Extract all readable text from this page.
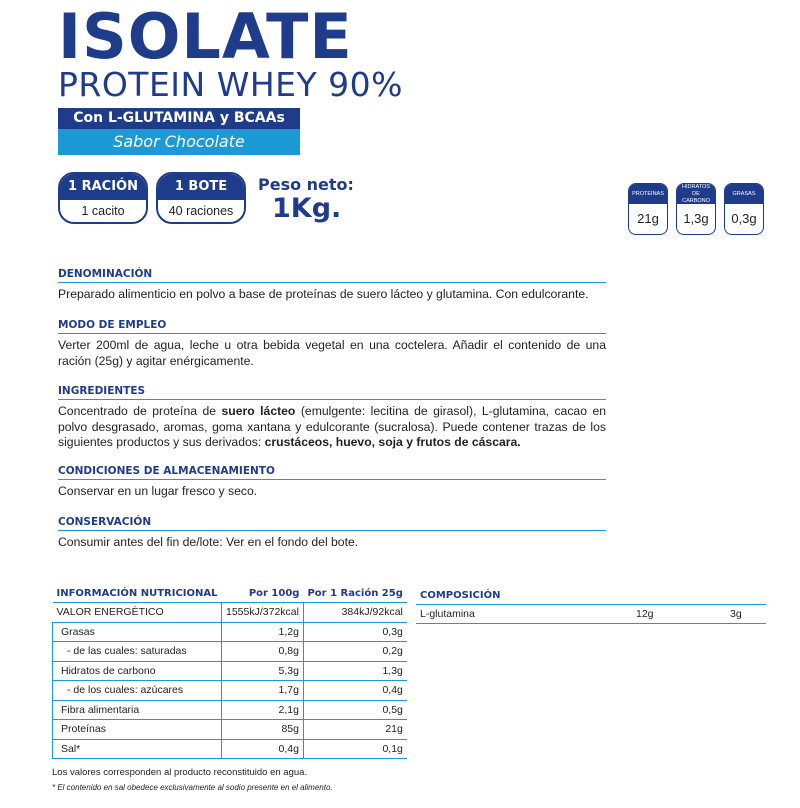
ISOLATE
PROTEIN WHEY 90%
Con L-GLUTAMINA y BCAAs
Sabor Chocolate
1 RACIÓN
1 cacito
1 BOTE
40 raciones
Peso neto:
1Kg.	PROTEÍNAS
21g
HIDRATOS DE CARBONO
1,3g
GRASAS
0,3g
DENOMINACIÓN
Preparado alimenticio en polvo a base de proteínas de suero lácteo y glutamina. Con edulcorante.
MODO DE EMPLEO
Verter 200ml de agua, leche u otra bebida vegetal en una coctelera. Añadir el contenido de una ración (25g) y agitar enérgicamente.
INGREDIENTES
Concentrado de proteína de suero lácteo (emulgente: lecitina de girasol), L-glutamina, cacao en polvo desgrasado, aromas, goma xantana y edulcorante (sucralosa). Puede contener trazas de los siguientes productos y sus derivados: crustáceos, huevo, soja y frutos de cáscara.
CONDICIONES DE ALMACENAMIENTO
Conservar en un lugar fresco y seco.
CONSERVACIÓN
Consumir antes del fin de/lote: Ver en el fondo del bote.
INFORMACIÓN NUTRICIONAL	Por 100g	Por 1 Ración 25g
VALOR ENERGÉTICO	1555kJ/372kcal	384kJ/92kcal
Grasas	1,2g	0,3g
- de las cuales: saturadas	0,8g	0,2g
Hidratos de carbono	5,3g	1,3g
- de los cuales: azúcares	1,7g	0,4g
Fibra alimentaria	2,1g	0,5g
Proteínas	85g	21g
Sal*	0,4g	0,1g
COMPOSICIÓN
L-glutamina	12g	3g
Los valores corresponden al producto reconstituido en agua.
* El contenido en sal obedece exclusivamente al sodio presente en el alimento.
